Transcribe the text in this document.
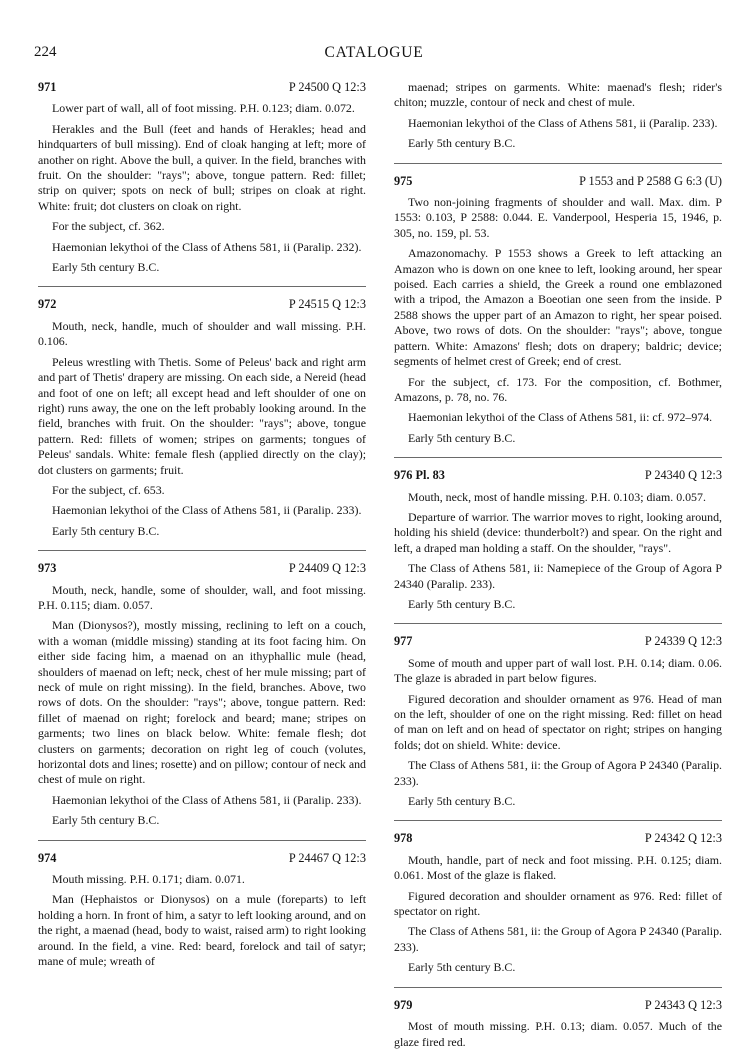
224	CATALOGUE
971	P 24500 Q 12:3

Lower part of wall, all of foot missing. P.H. 0.123; diam. 0.072.

Herakles and the Bull (feet and hands of Herakles; head and hindquarters of bull missing). End of cloak hanging at left; more of another on right. Above the bull, a quiver. In the field, branches with fruit. On the shoulder: "rays"; above, tongue pattern. Red: fillet; strip on quiver; spots on neck of bull; stripes on cloak at right. White: fruit; dot clusters on cloak on right.

For the subject, cf. 362.

Haemonian lekythoi of the Class of Athens 581, ii (Paralip. 232).

Early 5th century B.C.

972	P 24515 Q 12:3

Mouth, neck, handle, much of shoulder and wall missing. P.H. 0.106.

Peleus wrestling with Thetis. Some of Peleus' back and right arm and part of Thetis' drapery are missing. On each side, a Nereid (head and foot of one on left; all except head and left shoulder of one on right) runs away, the one on the left probably looking around. In the field, branches with fruit. On the shoulder: "rays"; above, tongue pattern. Red: fillets of women; stripes on garments; tongues of Peleus' sandals. White: female flesh (applied directly on the clay); dot clusters on garments; fruit.

For the subject, cf. 653.

Haemonian lekythoi of the Class of Athens 581, ii (Paralip. 233).

Early 5th century B.C.

973	P 24409 Q 12:3

Mouth, neck, handle, some of shoulder, wall, and foot missing. P.H. 0.115; diam. 0.057.

Man (Dionysos?), mostly missing, reclining to left on a couch, with a woman (middle missing) standing at its foot facing him. On either side facing him, a maenad on an ithyphallic mule (head, shoulders of maenad on left; neck, chest of her mule missing; part of neck of mule on right missing). In the field, branches. Above, two rows of dots. On the shoulder: "rays"; above, tongue pattern. Red: fillet of maenad on right; forelock and beard; mane; stripes on garments; two lines on black below. White: female flesh; dot clusters on garments; decoration on right leg of couch (volutes, horizontal dots and lines; rosette) and on pillow; contour of neck and chest of mule on right.

Haemonian lekythoi of the Class of Athens 581, ii (Paralip. 233).

Early 5th century B.C.

974	P 24467 Q 12:3

Mouth missing. P.H. 0.171; diam. 0.071.

Man (Hephaistos or Dionysos) on a mule (foreparts) to left holding a horn. In front of him, a satyr to left looking around, and on the right, a maenad (head, body to waist, raised arm) to right looking around. In the field, a vine. Red: beard, forelock and tail of satyr; mane of mule; wreath of

maenad; stripes on garments. White: maenad's flesh; rider's chiton; muzzle, contour of neck and chest of mule.

Haemonian lekythoi of the Class of Athens 581, ii (Paralip. 233).

Early 5th century B.C.

975	P 1553 and P 2588 G 6:3 (U)

Two non-joining fragments of shoulder and wall. Max. dim. P 1553: 0.103, P 2588: 0.044. E. Vanderpool, Hesperia 15, 1946, p. 305, no. 159, pl. 53.

Amazonomachy. P 1553 shows a Greek to left attacking an Amazon who is down on one knee to left, looking around, her spear poised. Each carries a shield, the Greek a round one emblazoned with a tripod, the Amazon a Boeotian one seen from the inside. P 2588 shows the upper part of an Amazon to right, her spear poised. Above, two rows of dots. On the shoulder: "rays"; above, tongue pattern. White: Amazons' flesh; dots on drapery; baldric; device; segments of helmet crest of Greek; end of crest.

For the subject, cf. 173. For the composition, cf. Bothmer, Amazons, p. 78, no. 76.

Haemonian lekythoi of the Class of Athens 581, ii: cf. 972–974.

Early 5th century B.C.

976 Pl. 83	P 24340 Q 12:3

Mouth, neck, most of handle missing. P.H. 0.103; diam. 0.057.

Departure of warrior. The warrior moves to right, looking around, holding his shield (device: thunderbolt?) and spear. On the right and left, a draped man holding a staff. On the shoulder, "rays".

The Class of Athens 581, ii: Namepiece of the Group of Agora P 24340 (Paralip. 233).

Early 5th century B.C.

977	P 24339 Q 12:3

Some of mouth and upper part of wall lost. P.H. 0.14; diam. 0.06. The glaze is abraded in part below figures.

Figured decoration and shoulder ornament as 976. Head of man on the left, shoulder of one on the right missing. Red: fillet on head of man on left and on head of spectator on right; stripes on hanging folds; dot on shield. White: device.

The Class of Athens 581, ii: the Group of Agora P 24340 (Paralip. 233).

Early 5th century B.C.

978	P 24342 Q 12:3

Mouth, handle, part of neck and foot missing. P.H. 0.125; diam. 0.061. Most of the glaze is flaked.

Figured decoration and shoulder ornament as 976. Red: fillet of spectator on right.

The Class of Athens 581, ii: the Group of Agora P 24340 (Paralip. 233).

Early 5th century B.C.

979	P 24343 Q 12:3

Most of mouth missing. P.H. 0.13; diam. 0.057. Much of the glaze fired red.
